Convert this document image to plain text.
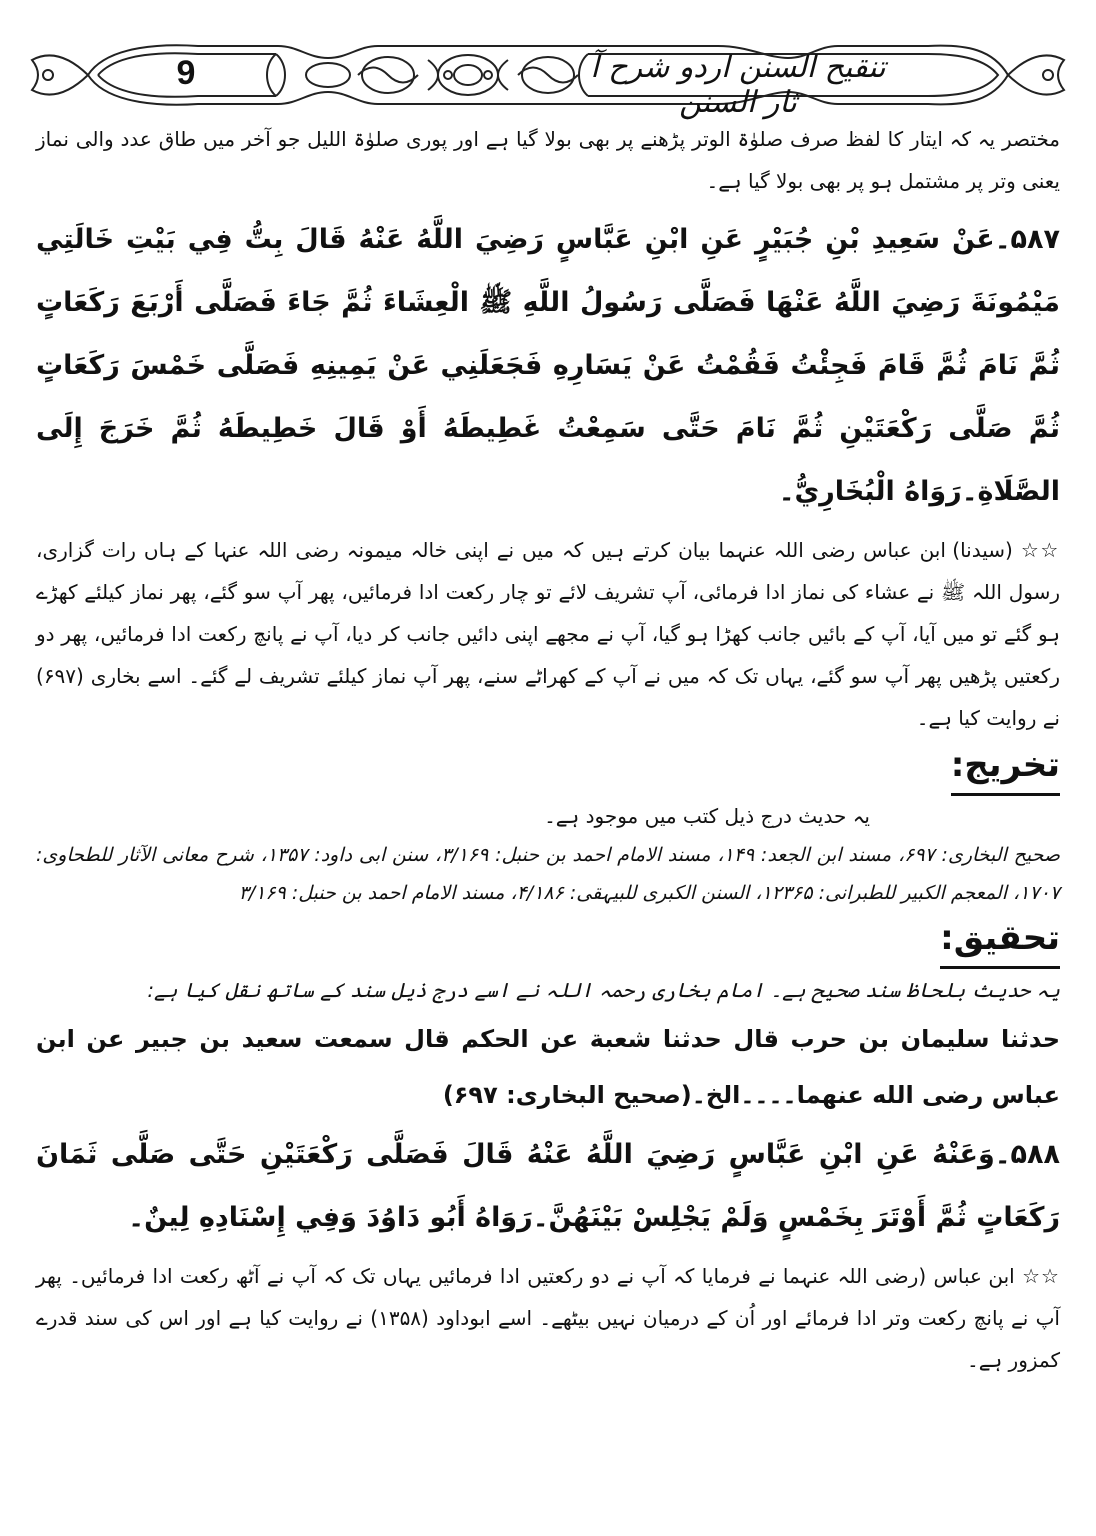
9	تنقیح السنن اردو شرح آ ثار السنن

مختصر یہ کہ ایتار کا لفظ صرف صلوٰۃ الوتر پڑھنے پر بھی بولا گیا ہے اور پوری صلوٰۃ اللیل جو آخر میں طاق عدد والی نماز یعنی وتر پر مشتمل ہو پر بھی بولا گیا ہے۔

۵۸۷۔عَنْ سَعِيدِ بْنِ جُبَيْرٍ عَنِ ابْنِ عَبَّاسٍ رَضِيَ اللَّهُ عَنْهُ قَالَ بِتُّ فِي بَيْتِ خَالَتِي مَيْمُونَةَ رَضِيَ اللَّهُ عَنْهَا فَصَلَّى رَسُولُ اللَّهِ ﷺ الْعِشَاءَ ثُمَّ جَاءَ فَصَلَّى أَرْبَعَ رَكَعَاتٍ ثُمَّ نَامَ ثُمَّ قَامَ فَجِئْتُ فَقُمْتُ عَنْ يَسَارِهِ فَجَعَلَنِي عَنْ يَمِينِهِ فَصَلَّى خَمْسَ رَكَعَاتٍ ثُمَّ صَلَّى رَكْعَتَيْنِ ثُمَّ نَامَ حَتَّى سَمِعْتُ غَطِيطَهُ أَوْ قَالَ خَطِيطَهُ ثُمَّ خَرَجَ إِلَى الصَّلَاةِ۔رَوَاهُ الْبُخَارِيُّ۔

☆☆ (سیدنا) ابن عباس رضی اللہ عنہما بیان کرتے ہیں کہ میں نے اپنی خالہ میمونہ رضی اللہ عنہا کے ہاں رات گزاری، رسول اللہ ﷺ نے عشاء کی نماز ادا فرمائی، آپ تشریف لائے تو چار رکعت ادا فرمائیں، پھر آپ سو گئے، پھر نماز کیلئے کھڑے ہو گئے تو میں آیا، آپ کے بائیں جانب کھڑا ہو گیا، آپ نے مجھے اپنی دائیں جانب کر دیا، آپ نے پانچ رکعت ادا فرمائیں، پھر دو رکعتیں پڑھیں پھر آپ سو گئے، یہاں تک کہ میں نے آپ کے کھراٹے سنے، پھر آپ نماز کیلئے تشریف لے گئے۔ اسے بخاری (۶۹۷) نے روایت کیا ہے۔

تخریج:

یہ حدیث درج ذیل کتب میں موجود ہے۔

صحیح البخاری: ۶۹۷، مسند ابن الجعد: ۱۴۹، مسند الامام احمد بن حنبل: ۳/۱۶۹، سنن ابی داود: ۱۳۵۷، شرح معانی الآثار للطحاوی: ۱۷۰۷، المعجم الکبیر للطبرانی: ۱۲۳۶۵، السنن الکبری للبیہقی: ۴/۱۸۶، مسند الامام احمد بن حنبل: ۳/۱۶۹

تحقیق:

یہ حدیث بلحاظ سند صحیح ہے۔ امام بخاری رحمہ اللہ نے اسے درج ذیل سند کے ساتھ نقل کیا ہے:

حدثنا سليمان بن حرب قال حدثنا شعبة عن الحكم قال سمعت سعيد بن جبير عن ابن عباس رضى الله عنهما۔۔۔۔الخ۔(صحيح البخارى: ۶۹۷)

۵۸۸۔وَعَنْهُ عَنِ ابْنِ عَبَّاسٍ رَضِيَ اللَّهُ عَنْهُ قَالَ فَصَلَّى رَكْعَتَيْنِ حَتَّى صَلَّى ثَمَانَ رَكَعَاتٍ ثُمَّ أَوْتَرَ بِخَمْسٍ وَلَمْ يَجْلِسْ بَيْنَهُنَّ۔رَوَاهُ أَبُو دَاوُدَ وَفِي إِسْنَادِهِ لِينٌ۔

☆☆ ابن عباس (رضی اللہ عنہما نے فرمایا کہ آپ نے دو رکعتیں ادا فرمائیں یہاں تک کہ آپ نے آٹھ رکعت ادا فرمائیں۔ پھر آپ نے پانچ رکعت وتر ادا فرمائے اور اُن کے درمیان نہیں بیٹھے۔ اسے ابوداود (۱۳۵۸) نے روایت کیا ہے اور اس کی سند قدرے کمزور ہے۔
